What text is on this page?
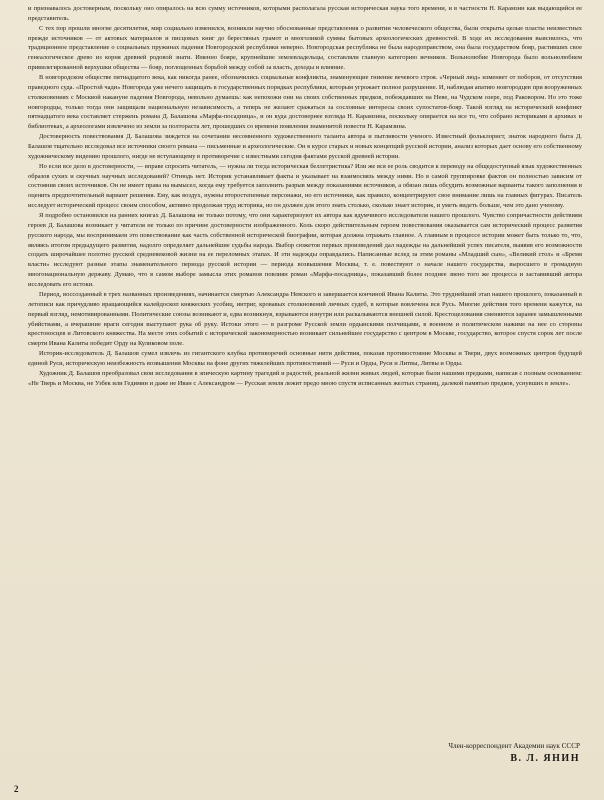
и признавалось достоверным, поскольку оно опиралось на всю сумму источников, которыми располагала русская историческая наука того времени, и в частности Н. Карамзин как выдающийся ее представитель.

С тех пор прошли многие десятилетия, мир социально изменился, возникли научно обоснованные представления о развитии человеческого общества, были открыты целые пласты неизвестных прежде источников — от актовых материалов и писцовых книг до берестяных грамот и многоликой суммы бытовых археологических древностей. В ходе их исследования выяснилось, что традиционное представление о социальных пружинах падения Новгородской республики неверно. Новгородская республика не была народоправством, она была государством бояр, растивших свое генеалогическое древо из корня древней родовой знати. Именно бояре, крупнейшие землевладельцы, составляли главную категорию вечников. Вольнолюбие Новгорода было вольнолюбием привилегированной верхушки общества — бояр, поглощенных борьбой между собой за власть, доходы и влияние.

В новгородском обществе пятнадцатого века, как никогда ранее, обозначились социальные конфликты, знаменующие гниение вечевого строя. «Черный люд» изменяет от поборов, от отсутствия праведного суда. «Простой чади» Новгорода уже нечего защищать в государственных порядках республики, которым угрожает полное разрушение. И, наблюдая апатию новгородцев при вооруженных столкновениях с Москвой накануне падения Новгорода, невольно думаешь: как непохожи они на своих собственных предков, побеждавших на Неве, на Чудском озере, под Раковором. Но это тоже новгородцы, только тогда они защищали национальную независимость, а теперь не желают сражаться за сословные интересы своих супостатов-бояр. Такой взгляд на исторический конфликт пятнадцатого века составляет стержень романа Д. Балашова «Марфа-посадница», и он куда достовернее взгляда Н. Карамзина, поскольку опирается на все то, что собрано историками в архивах и библиотеках, а археологами извлечено из земли за полтораста лет, прошедших со времени появления знаменитой повести Н. Карамзина.

Достоверность повествования Д. Балашова зиждется на сочетании несомненного художественного таланта автора и пытливости ученого. Известный фольклорист, знаток народного быта Д. Балашов тщательно исследовал все источники своего романа — письменные и археологические. Он в курсе старых и новых концепций русской истории, анализ которых дает основу его собственному художническому видению прошлого, нигде не вступающему в противоречие с известными сегодня фактами русской древней истории.

Но если все дело в достоверности, — вправе спросить читатель, — нужна ли тогда историческая беллетристика? Или же вся ее роль сводится к переводу на общедоступный язык художественных образов сухих и скучных научных исследований? Отнюдь нет. Историк устанавливает факты и указывает на взаимосвязь между ними. Но в самой группировке фактов он полностью зависим от состояния своих источников. Он не имеет права на вымысел, когда ему требуется заполнить разрыв между показаниями источников, а обязан лишь обсудить возможные варианты такого заполнения и оценить предпочтительный вариант решения. Ему, как воздух, нужны второстепенные персонажи, но его источники, как правило, концентрируют свое внимание лишь на главных фигурах. Писатель исследует исторический процесс своим способом, активно продолжая труд историка, но он должен для этого знать столько, сколько знает историк, и уметь видеть больше, чем это дано ученому.

Я подробно остановился на ранних книгах Д. Балашова не только потому, что они характеризуют их автора как вдумчивого исследователя нашего прошлого. Чувство сопричастности действиям героев Д. Балашова возникает у читателя не только по причине достоверности изображенного. Коль скоро действительным героем повествования оказывается сам исторический процесс развития русского народа, мы воспринимаем это повествование как часть собственной исторической биографии, которая должна отражать главное. А главным в процессе истории может быть только то, что, являясь итогом предыдущего развития, надолго определяет дальнейшие судьбы народа. Выбор сюжетов первых произведений дал надежды на дальнейший успех писателя, выявив его возможности создать широчайшее полотно русской средневековой жизни на ее переломных этапах. И эти надежды оправдались. Написанные вслед за этим романы «Младший сын», «Великий стол» и «Бремя власти» исследуют разные этапы знаменательного периода русской истории — периода возвышения Москвы, т. е. повествуют о начале нашего государства, выросшего в громадную многонациональную державу. Думаю, что в самом выборе замысла этих романов повлиян роман «Марфа-посадница», показавший более позднее звено того же процесса и заставивший автора исследовать его истоки.

Период, воссозданный в трех названных произведениях, начинается смертью Александра Невского и завершается кончиной Ивана Калиты. Это труднейший этап нашего прошлого, показанный в летописи как причудливо вращающийся калейдоскоп княжеских усобиц, интриг, кровавых столкновений личных судеб, в которые вовлечена вся Русь. Многие действия того времени кажутся, на первый взгляд, немотивированными. Политические союзы возникают и, едва возникнув, взрываются изнутри или раскалываются внешней силой. Крестоцелования сменяются заранее замышленными убийствами, а вчерашние враги сегодня выступают рука об руку. Истоки этого — в разгроме Русской земли ордынскими полчищами, в военном и политическом нажиме на нее со стороны крестоносцев и Литовского княжества. На месте этих событий с исторической закономерностью возникает сильнейшее государство с центром в Москве, государство, которое спустя сорок лет после смерти Ивана Калиты победит Орду на Куликовом поле.

Историк-исследователь Д. Балашов сумел извлечь из гигантского клубка противоречий основные нити действия, показав противостояние Москвы и Твери, двух возможных центров будущей единой Руси, историческую неизбежность возвышения Москвы на фоне других тяжелейших противостояний — Руси и Орды, Руси и Литвы, Литвы и Орды.

Художник Д. Балашов преобразовал свои исследования в эпическую картину трагедий и радостей, реальной жизни живых людей, которые были нашими предками, написав с полным основанием: «Не Тверь и Москва, не Узбек или Гедимин и даже не Иван с Александром — Русская земля лежит предо мною спустя исписанных желтых страниц, далекой памятью предков, уснувших в земле».

Член-корреспондент Академии наук СССР
В. Л. ЯНИН
2
